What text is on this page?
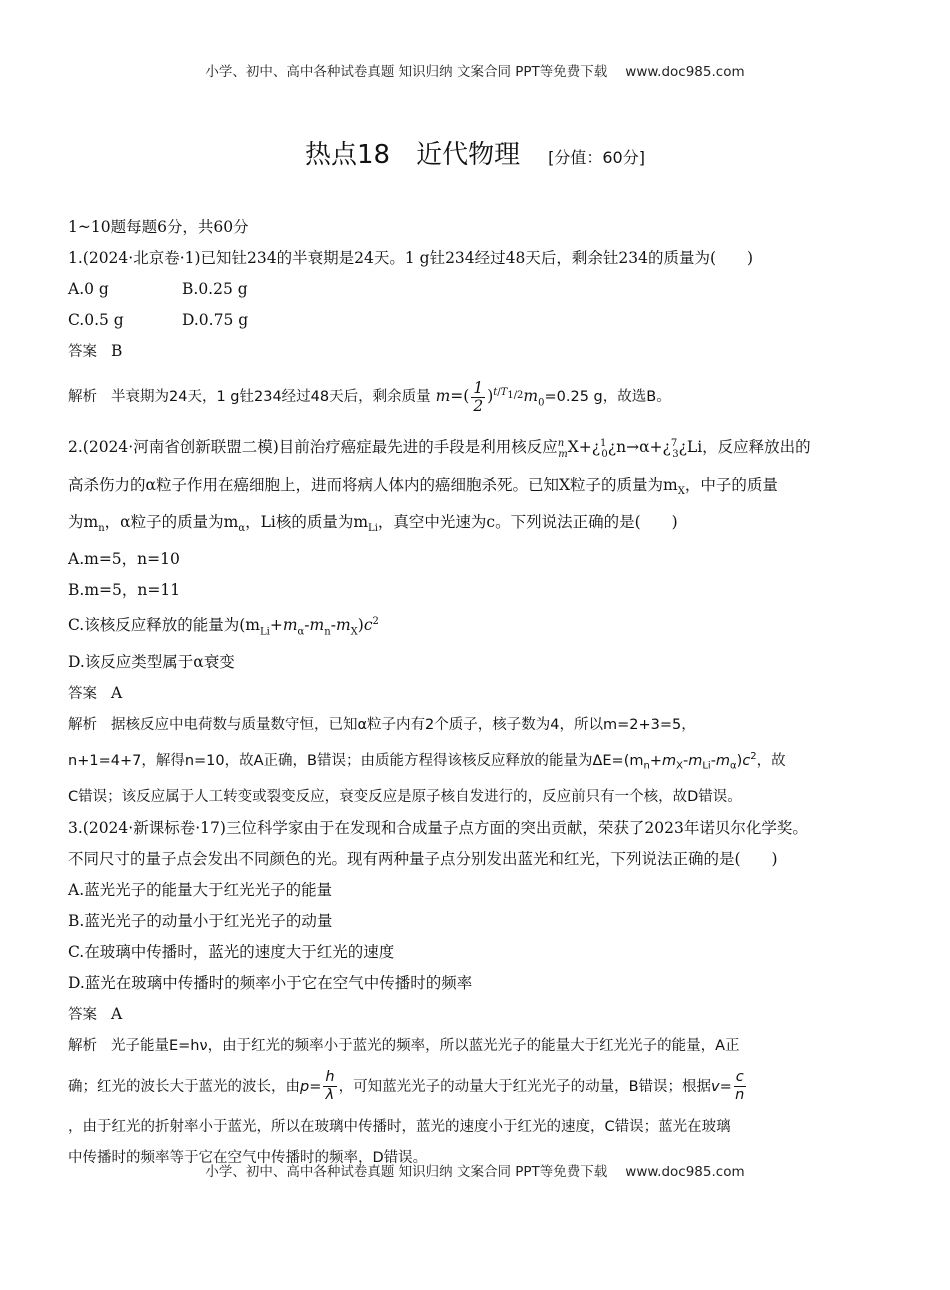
小学、初中、高中各种试卷真题 知识归纳 文案合同 PPT等免费下载 www.doc985.com
热点18　近代物理 [分值：60分]
1~10题每题6分，共60分
1.(2024·北京卷·1)已知钍234的半衰期是24天。1 g钍234经过48天后，剩余钍234的质量为(　　)
A.0 g	B.0.25 g
C.0.5 g	D.0.75 g
答案 B
解析 半衰期为24天，1 g钍234经过48天后，剩余质量 $m=( \frac{1}{2} )^{t/T_{1/2}}m_0=0.25$ g，故选B。
2.(2024·河南省创新联盟二模)目前治疗癌症最先进的手段是利用核反应$^n_m$X+¿$^1_0$¿n→α+¿$^7_3$¿Li，反应释放出的
高杀伤力的α粒子作用在癌细胞上，进而将病人体内的癌细胞杀死。已知X粒子的质量为$m_X$，中子的质量
为$m_n$，α粒子的质量为$m_\alpha$，Li核的质量为$m_{Li}$，真空中光速为c。下列说法正确的是(　　)
A.m=5，n=10
B.m=5，n=11
C.该核反应释放的能量为$(m_{Li}+m_\alpha-m_n-m_X)c^2$
D.该反应类型属于α衰变
答案 A
解析 据核反应中电荷数与质量数守恒，已知α粒子内有2个质子，核子数为4，所以m=2+3=5，
n+1=4+7，解得n=10，故A正确，B错误；由质能方程得该核反应释放的能量为$\Delta E=(m_n+m_X-m_{Li}-m_\alpha)c^2$，故
C错误；该反应属于人工转变或裂变反应，衰变反应是原子核自发进行的，反应前只有一个核，故D错误。
3.(2024·新课标卷·17)三位科学家由于在发现和合成量子点方面的突出贡献，荣获了2023年诺贝尔化学奖。
不同尺寸的量子点会发出不同颜色的光。现有两种量子点分别发出蓝光和红光，下列说法正确的是(　　)
A.蓝光光子的能量大于红光光子的能量
B.蓝光光子的动量小于红光光子的动量
C.在玻璃中传播时，蓝光的速度大于红光的速度
D.蓝光在玻璃中传播时的频率小于它在空气中传播时的频率
答案 A
解析 光子能量E=hν，由于红光的频率小于蓝光的频率，所以蓝光光子的能量大于红光光子的能量，A正
确；红光的波长大于蓝光的波长，由$p= \frac{h}{\lambda}$ ，可知蓝光光子的动量大于红光光子的动量，B错误；根据$v= \frac{c}{n}$
，由于红光的折射率小于蓝光，所以在玻璃中传播时，蓝光的速度小于红光的速度，C错误；蓝光在玻璃
中传播时的频率等于它在空气中传播时的频率，D错误。
小学、初中、高中各种试卷真题 知识归纳 文案合同 PPT等免费下载 www.doc985.com
